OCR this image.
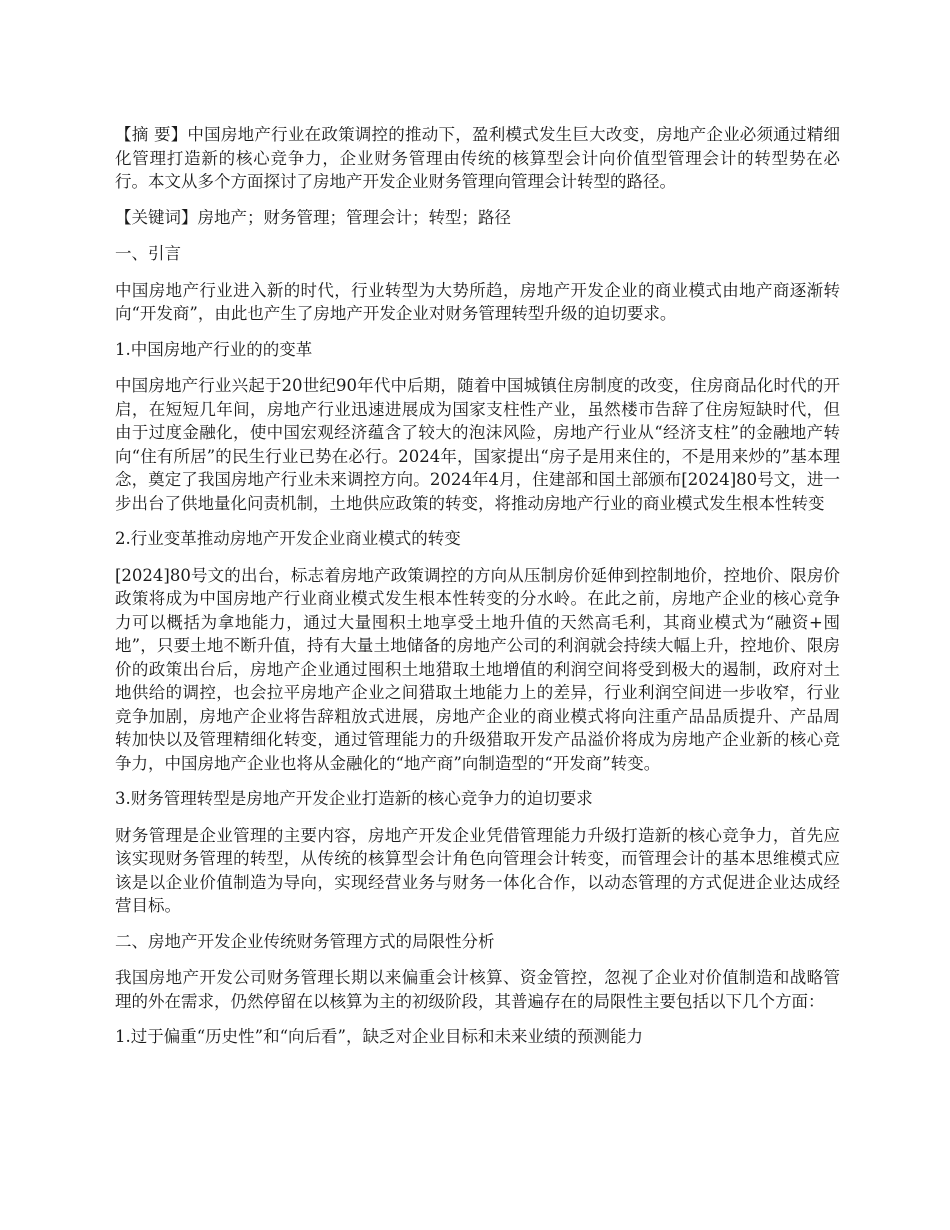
【摘 要】中国房地产行业在政策调控的推动下，盈利模式发生巨大改变，房地产企业必须通过精细化管理打造新的核心竞争力，企业财务管理由传统的核算型会计向价值型管理会计的转型势在必行。本文从多个方面探讨了房地产开发企业财务管理向管理会计转型的路径。

【关键词】房地产；财务管理；管理会计；转型；路径

一、引言

中国房地产行业进入新的时代，行业转型为大势所趋，房地产开发企业的商业模式由地产商逐渐转向“开发商”，由此也产生了房地产开发企业对财务管理转型升级的迫切要求。

1.中国房地产行业的的变革

中国房地产行业兴起于20世纪90年代中后期，随着中国城镇住房制度的改变，住房商品化时代的开启，在短短几年间，房地产行业迅速进展成为国家支柱性产业，虽然楼市告辞了住房短缺时代，但由于过度金融化，使中国宏观经济蕴含了较大的泡沫风险，房地产行业从“经济支柱”的金融地产转向“住有所居”的民生行业已势在必行。2024年，国家提出“房子是用来住的，不是用来炒的”基本理念，奠定了我国房地产行业未来调控方向。2024年4月，住建部和国土部颁布[2024]80号文，进一步出台了供地量化问责机制，土地供应政策的转变，将推动房地产行业的商业模式发生根本性转变

2.行业变革推动房地产开发企业商业模式的转变

[2024]80号文的出台，标志着房地产政策调控的方向从压制房价延伸到控制地价，控地价、限房价政策将成为中国房地产行业商业模式发生根本性转变的分水岭。在此之前，房地产企业的核心竞争力可以概括为拿地能力，通过大量囤积土地享受土地升值的天然高毛利，其商业模式为“融资+囤地”，只要土地不断升值，持有大量土地储备的房地产公司的利润就会持续大幅上升，控地价、限房价的政策出台后，房地产企业通过囤积土地猎取土地增值的利润空间将受到极大的遏制，政府对土地供给的调控，也会拉平房地产企业之间猎取土地能力上的差异，行业利润空间进一步收窄，行业竞争加剧，房地产企业将告辞粗放式进展，房地产企业的商业模式将向注重产品品质提升、产品周转加快以及管理精细化转变，通过管理能力的升级猎取开发产品溢价将成为房地产企业新的核心竞争力，中国房地产企业也将从金融化的“地产商”向制造型的“开发商”转变。

3.财务管理转型是房地产开发企业打造新的核心竞争力的迫切要求

财务管理是企业管理的主要内容，房地产开发企业凭借管理能力升级打造新的核心竞争力，首先应该实现财务管理的转型，从传统的核算型会计角色向管理会计转变，而管理会计的基本思维模式应该是以企业价值制造为导向，实现经营业务与财务一体化合作，以动态管理的方式促进企业达成经营目标。

二、房地产开发企业传统财务管理方式的局限性分析

我国房地产开发公司财务管理长期以来偏重会计核算、资金管控，忽视了企业对价值制造和战略管理的外在需求，仍然停留在以核算为主的初级阶段，其普遍存在的局限性主要包括以下几个方面：

1.过于偏重“历史性”和“向后看”，缺乏对企业目标和未来业绩的预测能力
